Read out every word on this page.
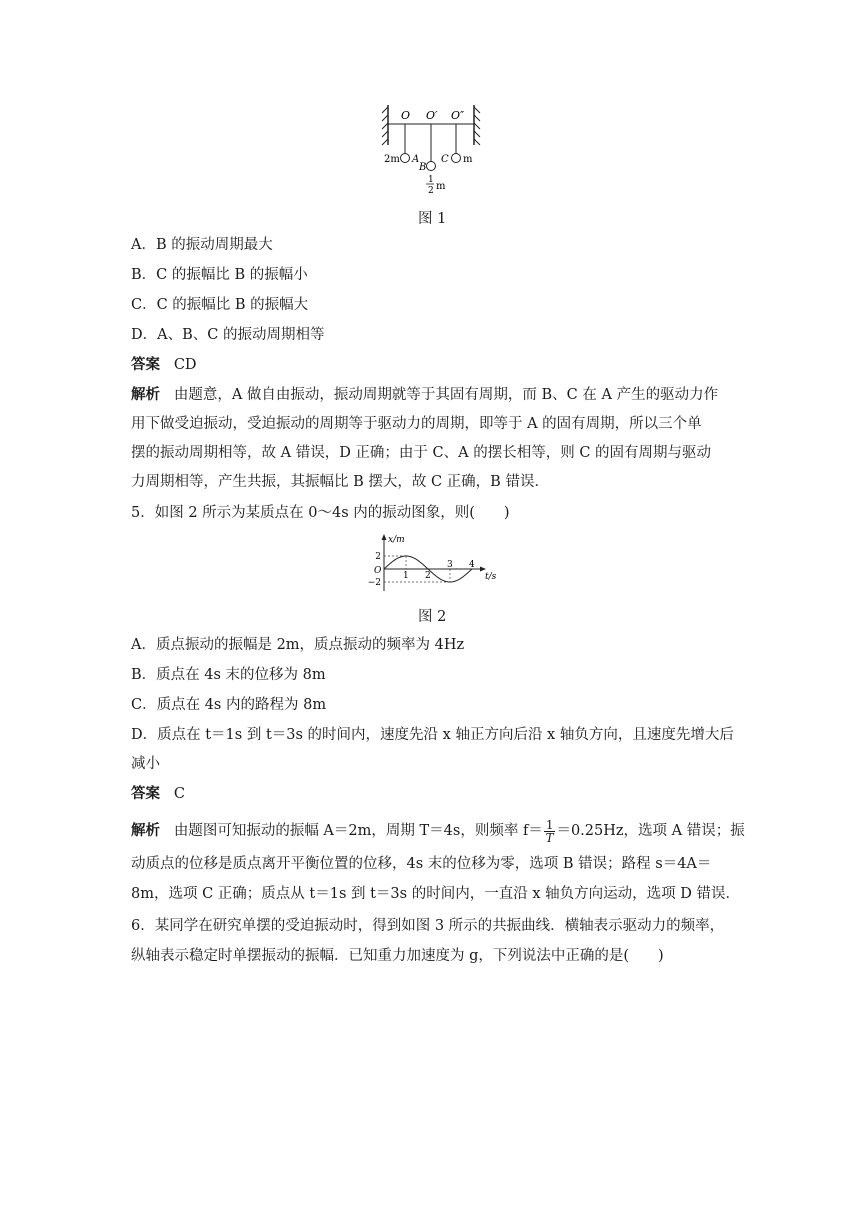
O O′ O″
2m A
B
C m
1
2 m
图 1
A．B 的振动周期最大
B．C 的振幅比 B 的振幅小
C．C 的振幅比 B 的振幅大
D．A、B、C 的振动周期相等
答案 CD
解析 由题意，A 做自由振动，振动周期就等于其固有周期，而 B、C 在 A 产生的驱动力作
用下做受迫振动，受迫振动的周期等于驱动力的周期，即等于 A 的固有周期，所以三个单
摆的振动周期相等，故 A 错误，D 正确；由于 C、A 的摆长相等，则 C 的固有周期与驱动
力周期相等，产生共振，其振幅比 B 摆大，故 C 正确，B 错误．
5．如图 2 所示为某质点在 0～4s 内的振动图象，则(　　)
x/m
t/s
O 1 2
3 4
2
−2
图 2
A．质点振动的振幅是 2m，质点振动的频率为 4Hz
B．质点在 4s 末的位移为 8m
C．质点在 4s 内的路程为 8m
D．质点在 t＝1s 到 t＝3s 的时间内，速度先沿 x 轴正方向后沿 x 轴负方向，且速度先增大后
减小
答案 C
解析 由题图可知振动的振幅 A＝2m，周期 T＝4s，则频率 $f= \frac{1}{T} =0.25Hz$，选项 A 错误；振
动质点的位移是质点离开平衡位置的位移，4s 末的位移为零，选项 B 错误；路程 s＝4A＝
8m，选项 C 正确；质点从 t＝1s 到 t＝3s 的时间内，一直沿 x 轴负方向运动，选项 D 错误．
6．某同学在研究单摆的受迫振动时，得到如图 3 所示的共振曲线．横轴表示驱动力的频率，
纵轴表示稳定时单摆振动的振幅．已知重力加速度为 g，下列说法中正确的是(　　)
